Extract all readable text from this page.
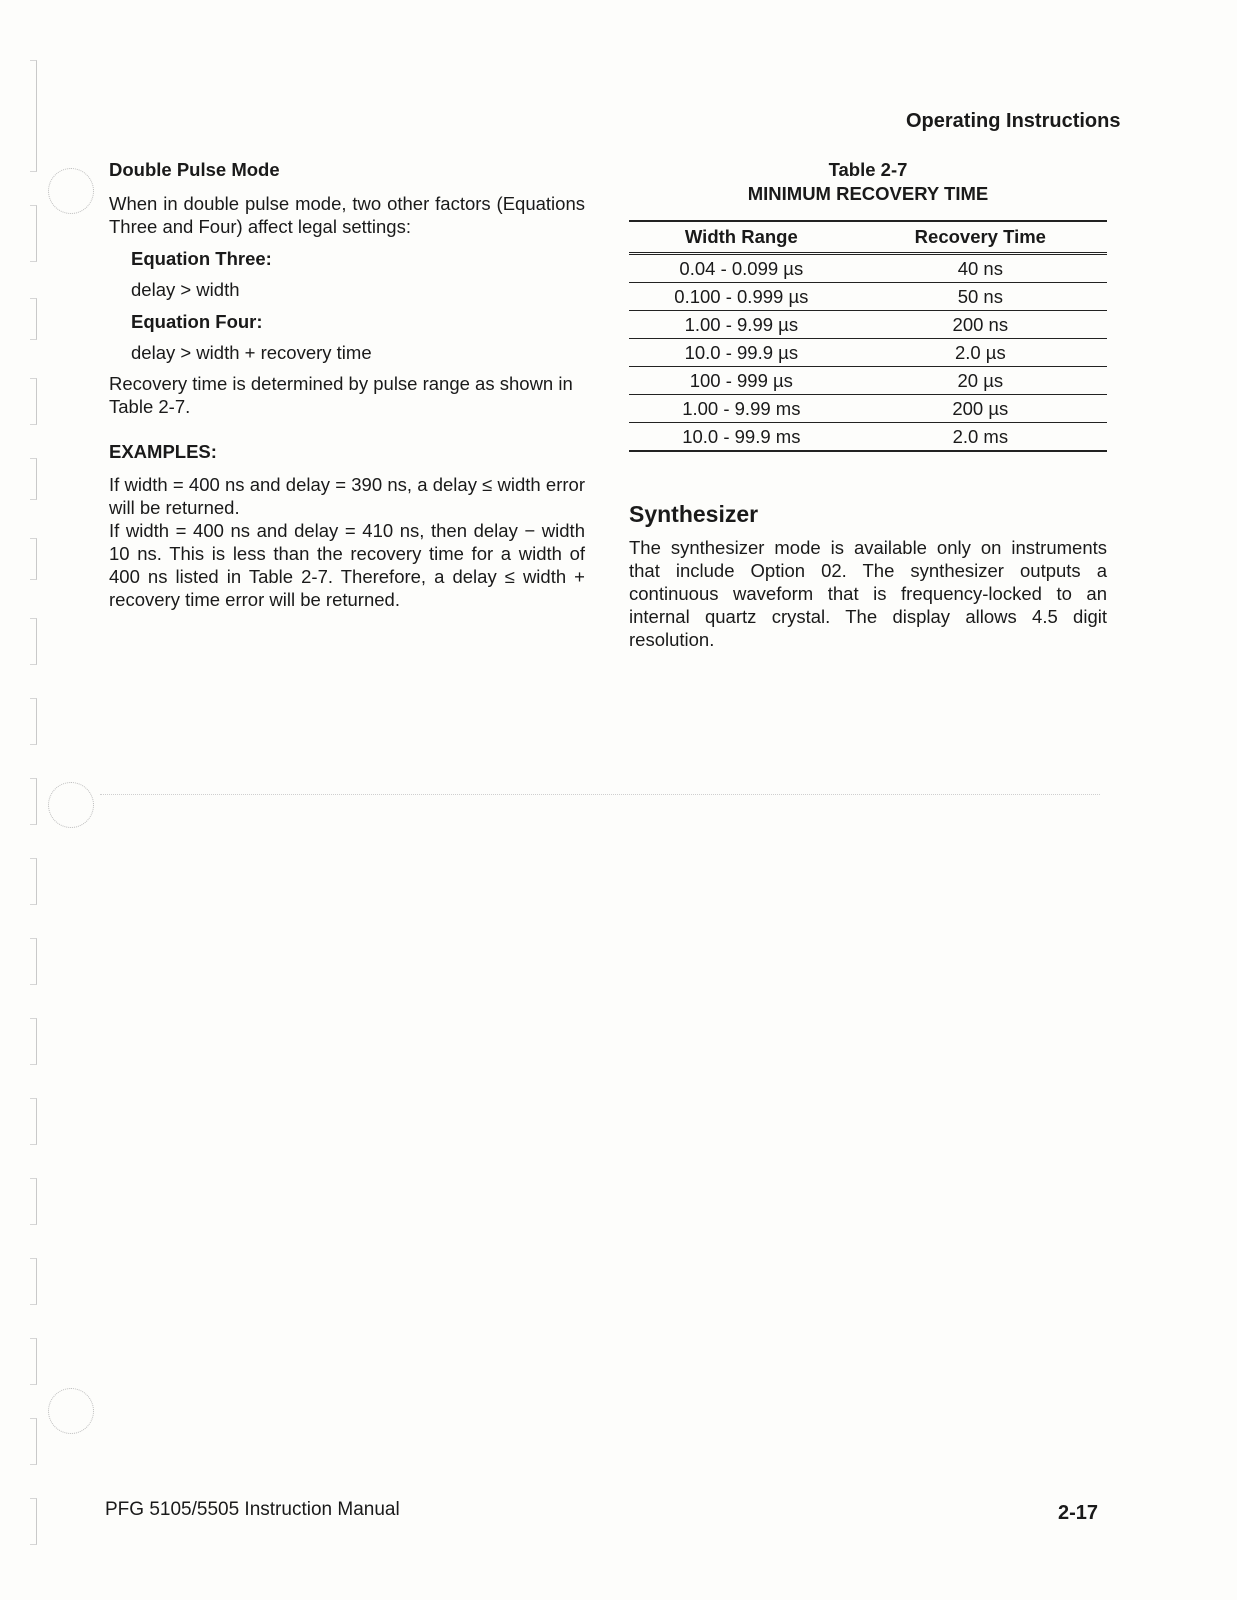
Operating Instructions
Double Pulse Mode

When in double pulse mode, two other factors (Equations Three and Four) affect legal settings:

Equation Three:
delay > width
Equation Four:
delay > width + recovery time

Recovery time is determined by pulse range as shown in Table 2-7.

EXAMPLES:

If width = 400 ns and delay = 390 ns, a delay ≤ width error will be returned.

If width = 400 ns and delay = 410 ns, then delay − width 10 ns. This is less than the recovery time for a width of 400 ns listed in Table 2-7. Therefore, a delay ≤ width + recovery time error will be returned.

Table 2-7
MINIMUM RECOVERY TIME
Width Range	Recovery Time
0.04 - 0.099 µs	40 ns
0.100 - 0.999 µs	50 ns
1.00 - 9.99 µs	200 ns
10.0 - 99.9 µs	2.0 µs
100 - 999 µs	20 µs
1.00 - 9.99 ms	200 µs
10.0 - 99.9 ms	2.0 ms
Synthesizer

The synthesizer mode is available only on instruments that include Option 02. The synthesizer outputs a continuous waveform that is frequency-locked to an internal quartz crystal. The display allows 4.5 digit resolution.

PFG 5105/5505 Instruction Manual	2-17
